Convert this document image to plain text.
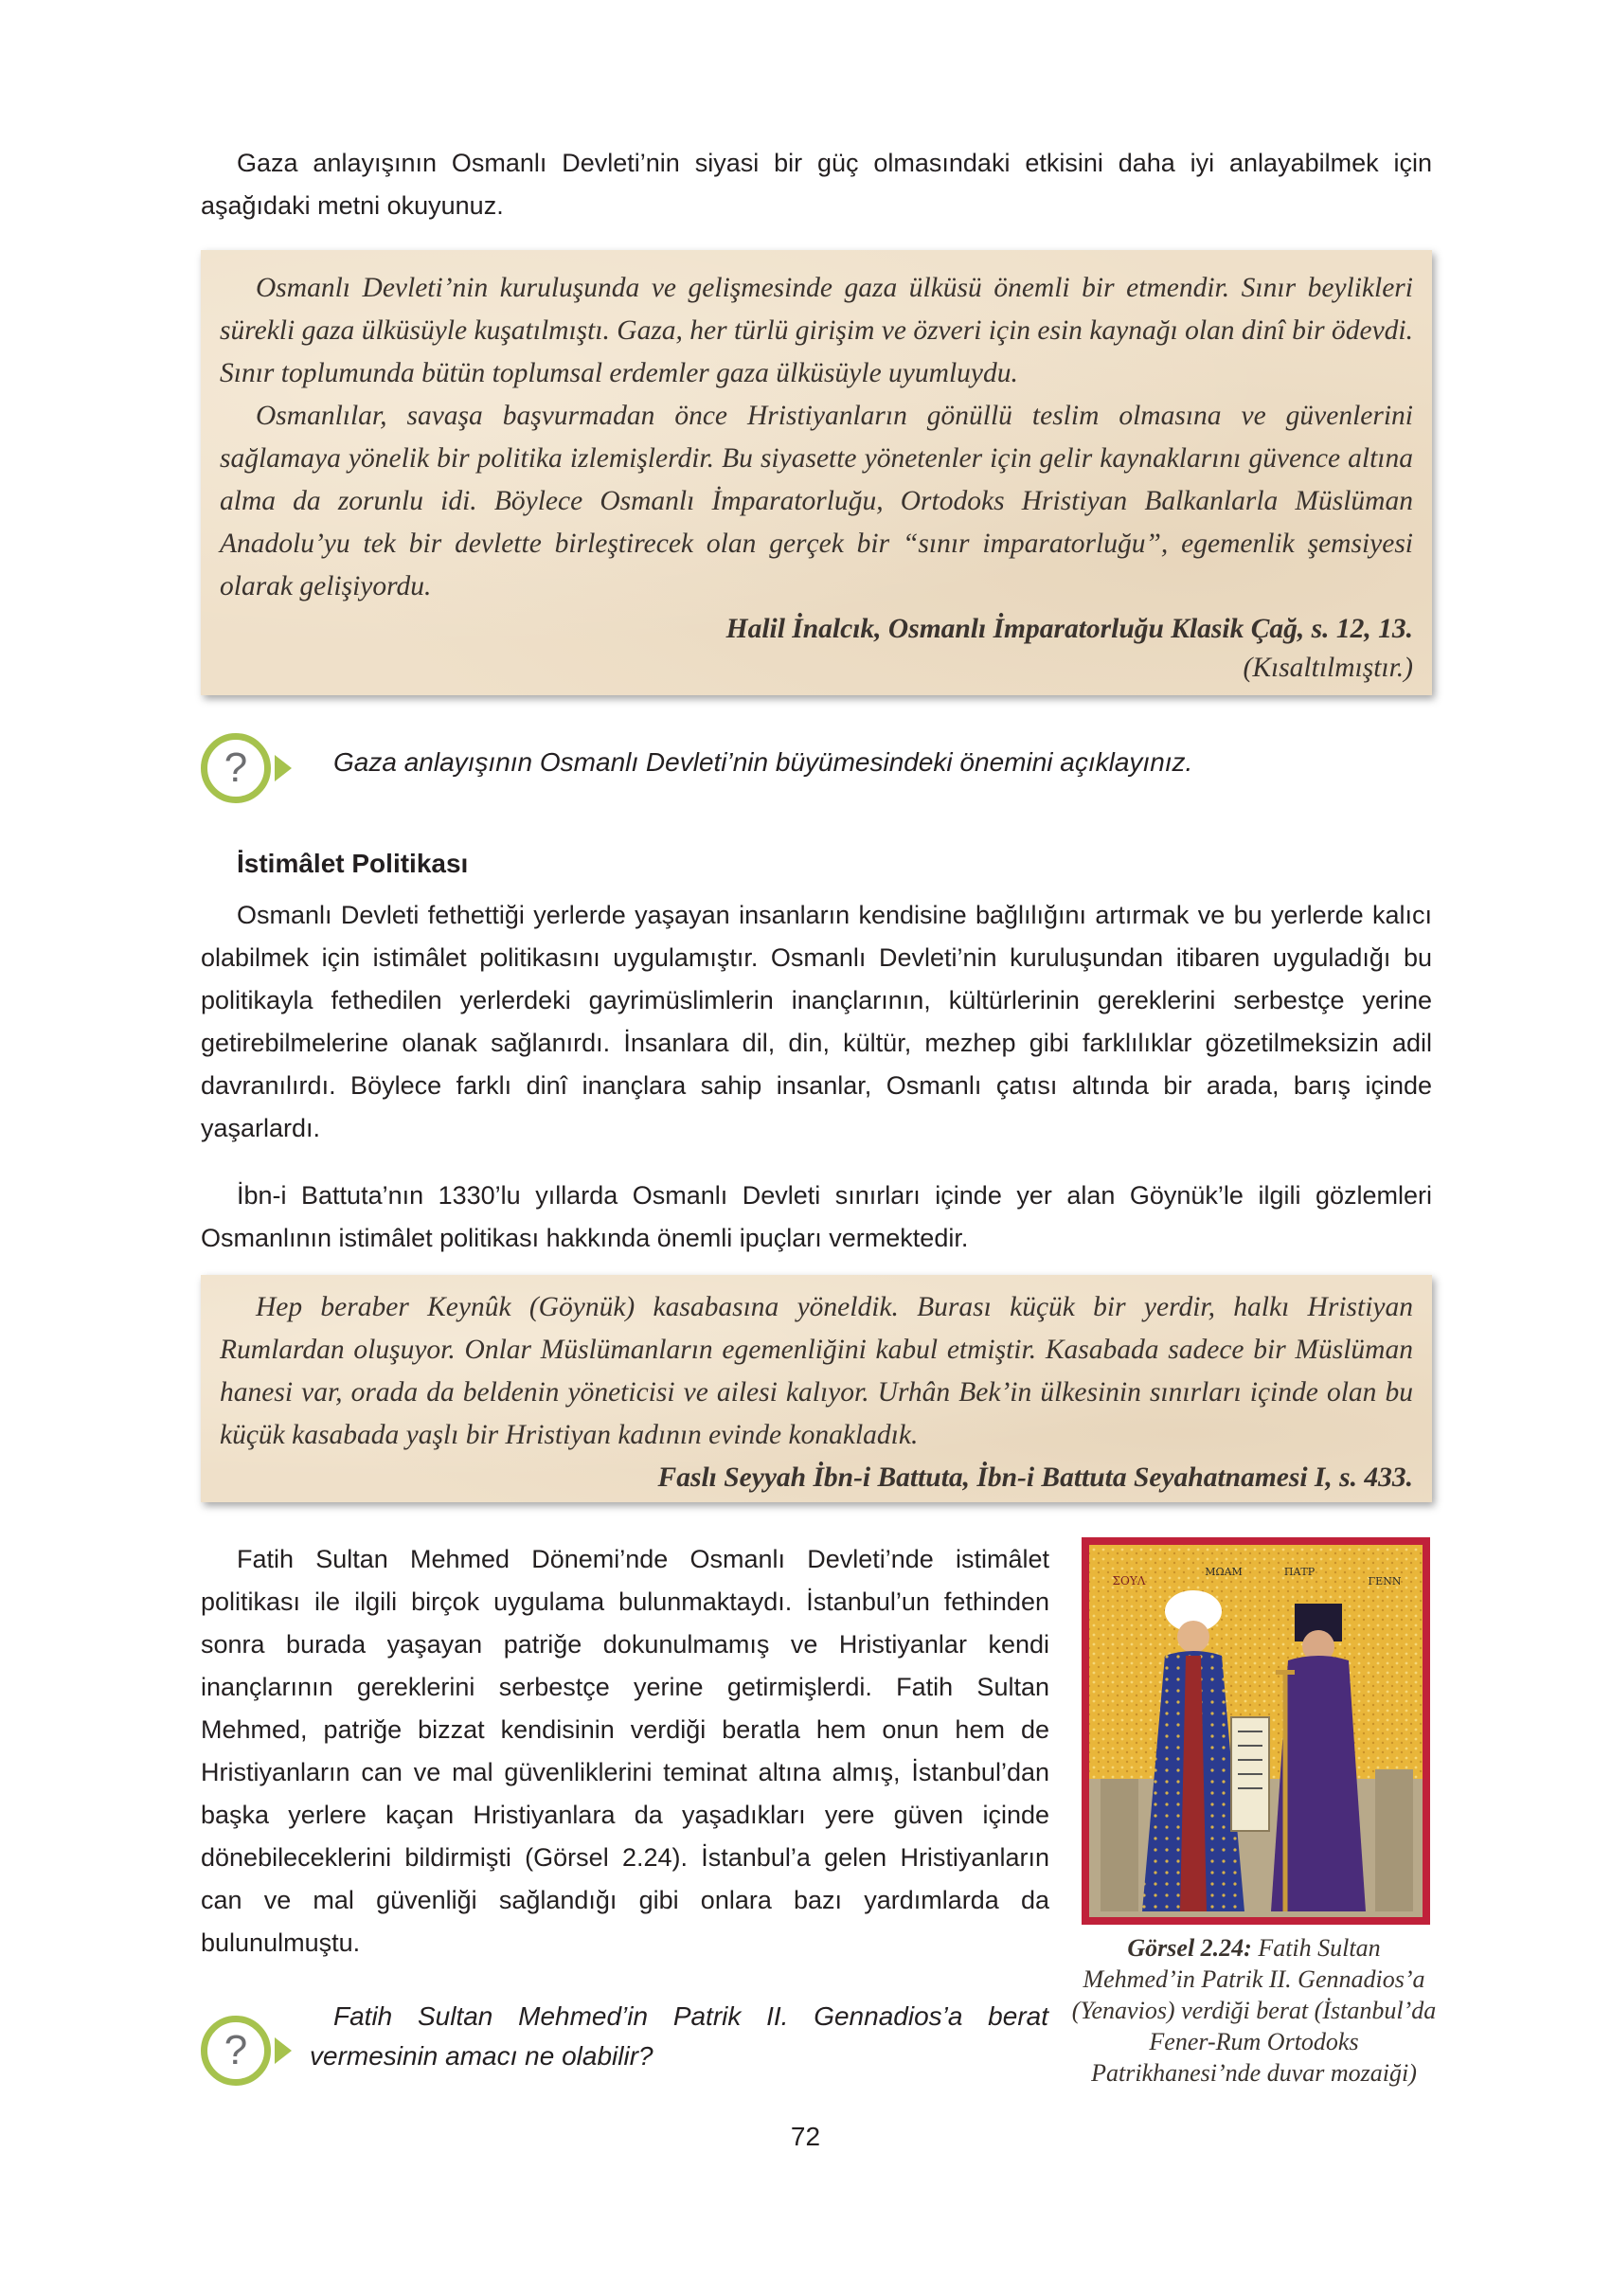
Gaza anlayışının Osmanlı Devleti’nin siyasi bir güç olmasındaki etkisini daha iyi anlayabilmek için aşağıdaki metni okuyunuz.

Osmanlı Devleti’nin kuruluşunda ve gelişmesinde gaza ülküsü önemli bir etmendir. Sınır beylikleri sürekli gaza ülküsüyle kuşatılmıştı. Gaza, her türlü girişim ve özveri için esin kaynağı olan dinî bir ödevdi. Sınır toplumunda bütün toplumsal erdemler gaza ülküsüyle uyumluydu.

Osmanlılar, savaşa başvurmadan önce Hristiyanların gönüllü teslim olmasına ve güvenlerini sağlamaya yönelik bir politika izlemişlerdir. Bu siyasette yönetenler için gelir kaynaklarını güvence altına alma da zorunlu idi. Böylece Osmanlı İmparatorluğu, Ortodoks Hristiyan Balkanlarla Müslüman Anadolu’yu tek bir devlette birleştirecek olan gerçek bir “sınır imparatorluğu”, egemenlik şemsiyesi olarak gelişiyordu.

Halil İnalcık, Osmanlı İmparatorluğu Klasik Çağ, s. 12, 13.

(Kısaltılmıştır.)

?	Gaza anlayışının Osmanlı Devleti’nin büyümesindeki önemini açıklayınız.
İstimâlet Politikası

Osmanlı Devleti fethettiği yerlerde yaşayan insanların kendisine bağlılığını artırmak ve bu yerlerde kalıcı olabilmek için istimâlet politikasını uygulamıştır. Osmanlı Devleti’nin kuruluşundan itibaren uyguladığı bu politikayla fethedilen yerlerdeki gayrimüslimlerin inançlarının, kültürlerinin gereklerini serbestçe yerine getirebilmelerine olanak sağlanırdı. İnsanlara dil, din, kültür, mezhep gibi farklılıklar gözetilmeksizin adil davranılırdı. Böylece farklı dinî inançlara sahip insanlar, Osmanlı çatısı altında bir arada, barış içinde yaşarlardı.

İbn-i Battuta’nın 1330’lu yıllarda Osmanlı Devleti sınırları içinde yer alan Göynük’le ilgili gözlemleri Osmanlının istimâlet politikası hakkında önemli ipuçları vermektedir.

Hep beraber Keynûk (Göynük) kasabasına yöneldik. Burası küçük bir yerdir, halkı Hristiyan Rumlardan oluşuyor. Onlar Müslümanların egemenliğini kabul etmiştir. Kasabada sadece bir Müslüman hanesi var, orada da beldenin yöneticisi ve ailesi kalıyor. Urhân Bek’in ülkesinin sınırları içinde olan bu küçük kasabada yaşlı bir Hristiyan kadının evinde konakladık.

Faslı Seyyah İbn-i Battuta, İbn-i Battuta Seyahatnamesi I, s. 433.

Fatih Sultan Mehmed Dönemi’nde Osmanlı Devleti’nde istimâlet politikası ile ilgili birçok uygulama bulunmaktaydı. İstanbul’un fethinden sonra burada yaşayan patriğe dokunulmamış ve Hristiyanlar kendi inançlarının gereklerini serbestçe yerine getirmişlerdi. Fatih Sultan Mehmed, patriğe bizzat kendisinin verdiği beratla hem onun hem de Hristiyanların can ve mal güvenliklerini teminat altına almış, İstanbul’dan başka yerlere kaçan Hristiyanlara da yaşadıkları yere güven içinde dönebileceklerini bildirmişti (Görsel 2.24). İstanbul’a gelen Hristiyanların can ve mal güvenliği sağlandığı gibi onlara bazı yardımlarda da bulunulmuştu.

ΣΟΥΛ
ΜΩΑΜ	ΠΑΤΡ
ΓΕΝΝ
Görsel 2.24: Fatih Sultan Mehmed’in Patrik II. Gennadios’a (Yenavios) verdiği berat (İstanbul’da Fener-Rum Ortodoks Patrikhanesi’nde duvar mozaiği)
?
Fatih Sultan Mehmed’in Patrik II. Gennadios’a berat vermesinin amacı ne olabilir?
72
